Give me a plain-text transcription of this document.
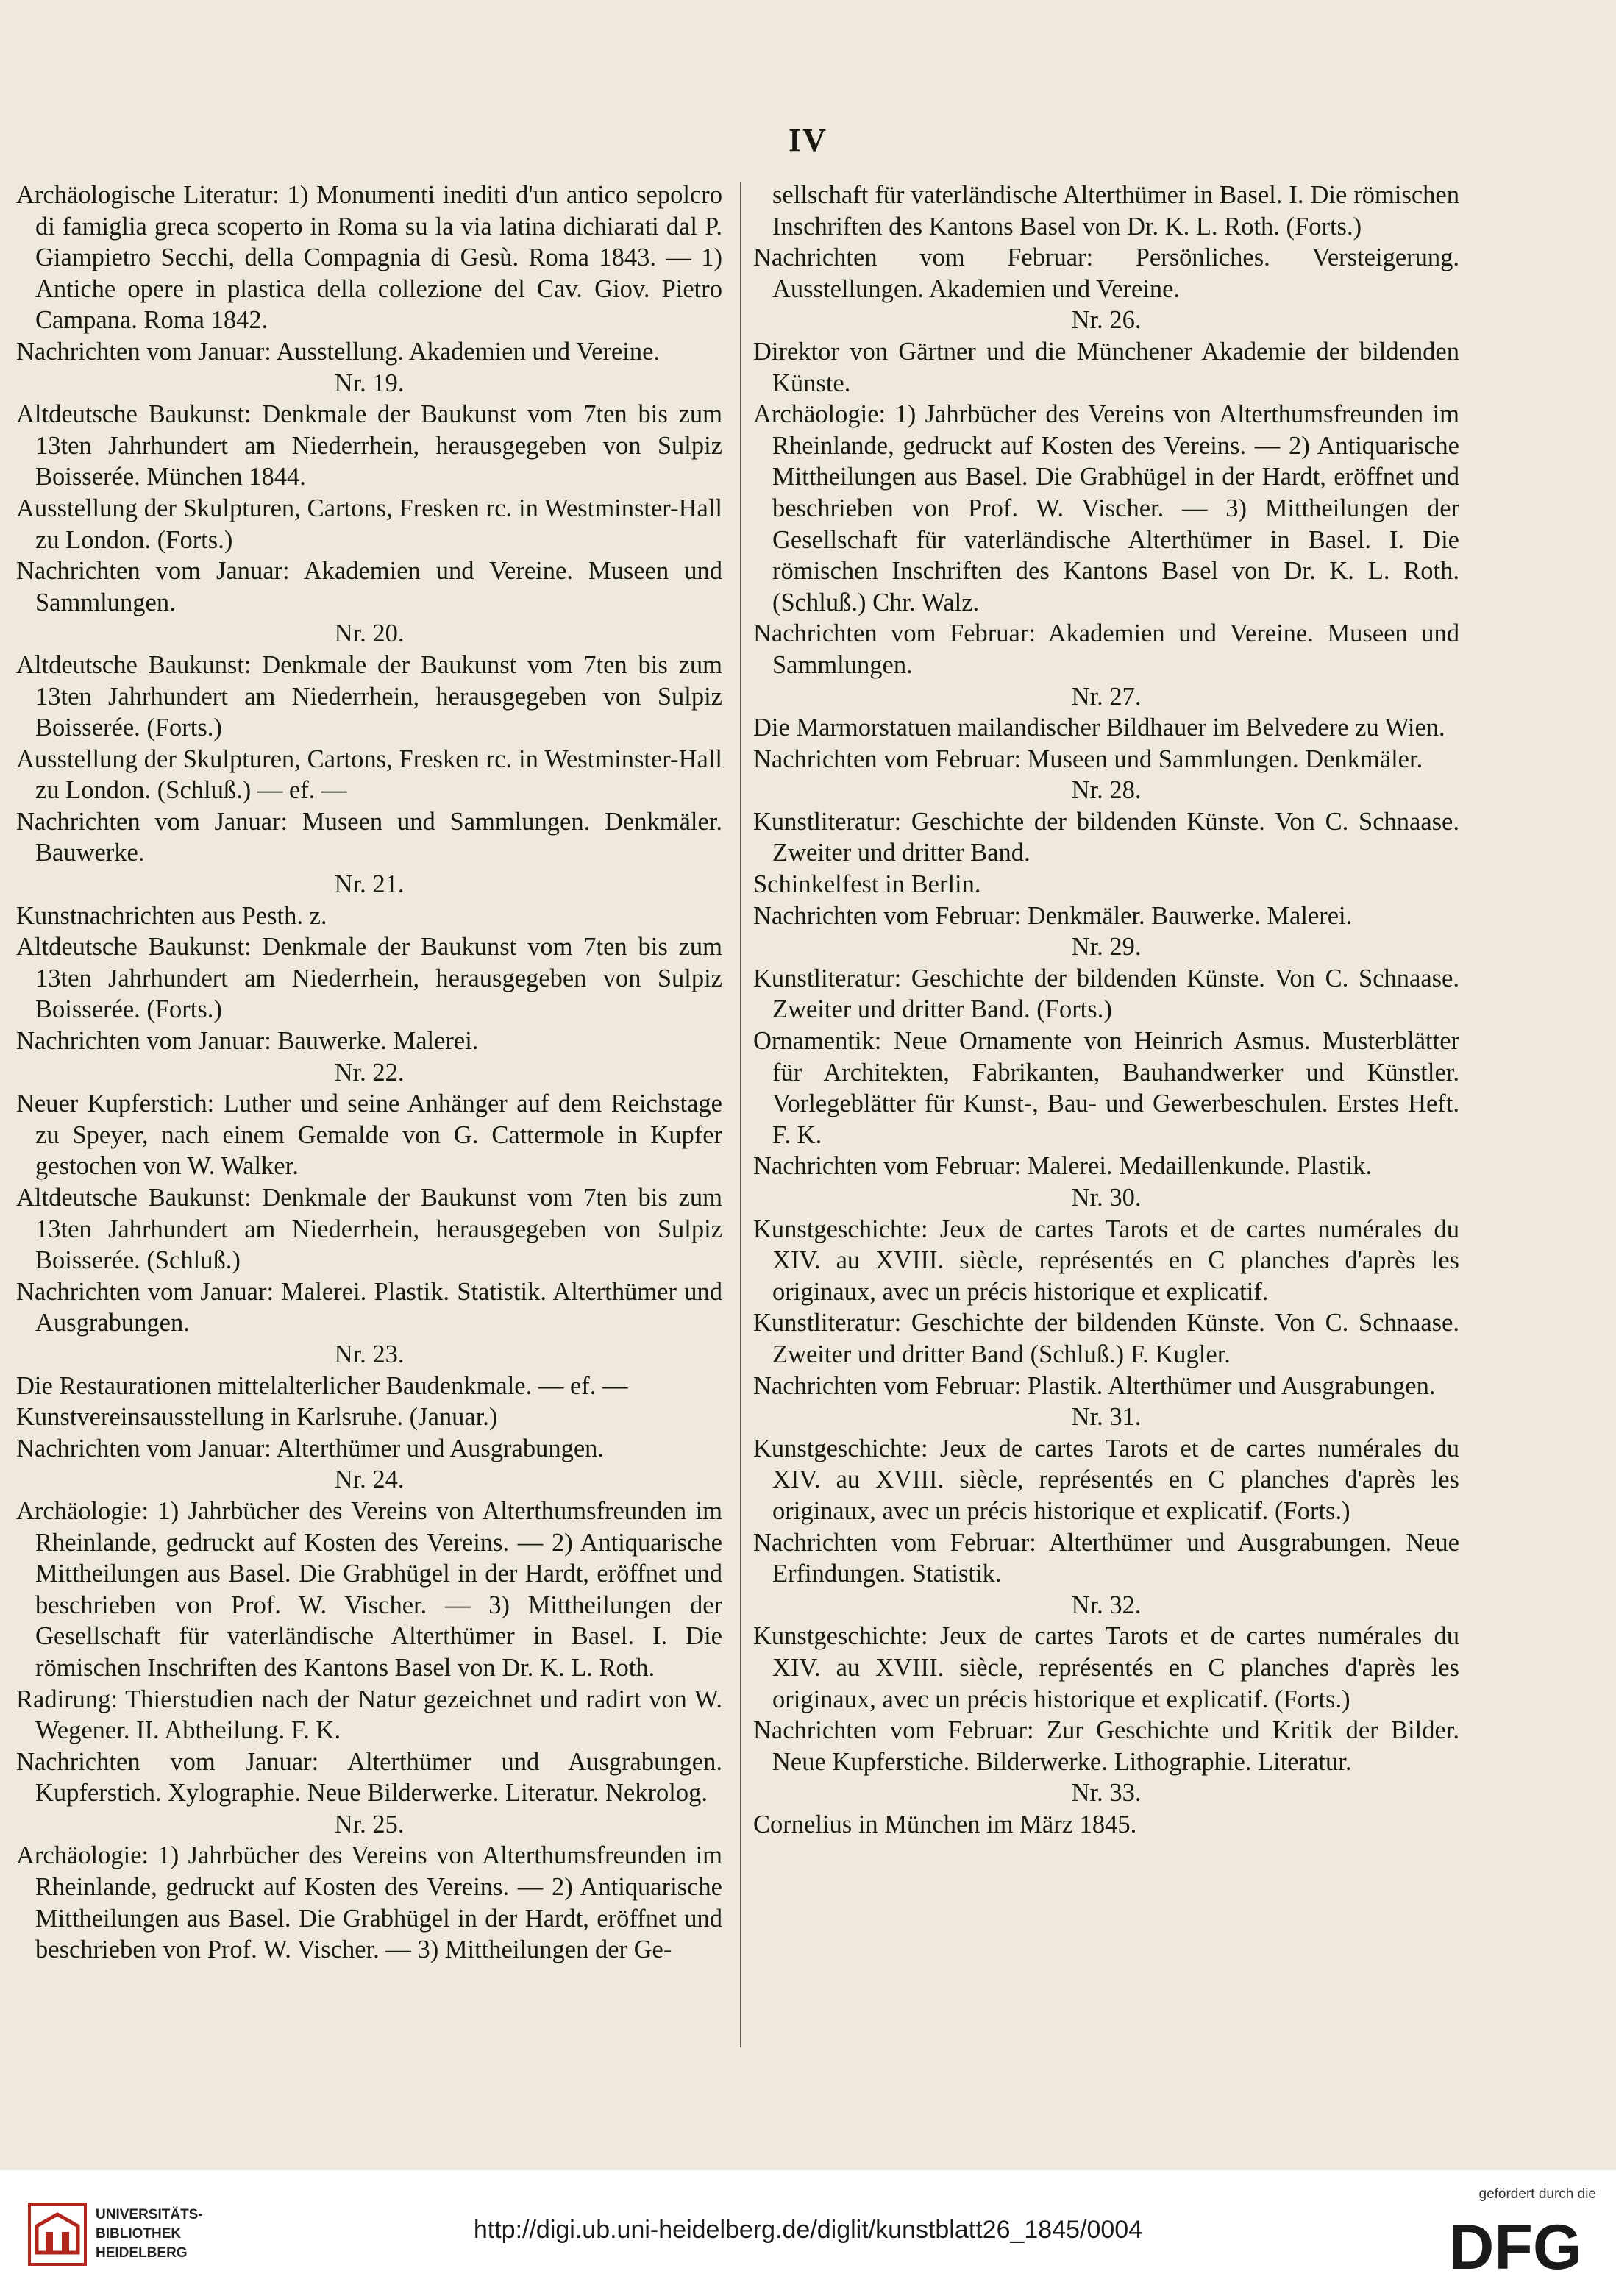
IV

Archäologische Literatur: 1) Monumenti inediti d'un antico sepolcro di famiglia greca scoperto in Roma su la via latina dichiarati dal P. Giampietro Secchi, della Compagnia di Gesù. Roma 1843. — 1) Antiche opere in plastica della collezione del Cav. Giov. Pietro Campana. Roma 1842.

Nachrichten vom Januar: Ausstellung. Akademien und Vereine.

Nr. 19.

Altdeutsche Baukunst: Denkmale der Baukunst vom 7ten bis zum 13ten Jahrhundert am Niederrhein, herausgegeben von Sulpiz Boisserée. München 1844.

Ausstellung der Skulpturen, Cartons, Fresken rc. in Westminster-Hall zu London. (Forts.)

Nachrichten vom Januar: Akademien und Vereine. Museen und Sammlungen.

Nr. 20.

Altdeutsche Baukunst: Denkmale der Baukunst vom 7ten bis zum 13ten Jahrhundert am Niederrhein, herausgegeben von Sulpiz Boisserée. (Forts.)

Ausstellung der Skulpturen, Cartons, Fresken rc. in Westminster-Hall zu London. (Schluß.) — ef. —

Nachrichten vom Januar: Museen und Sammlungen. Denkmäler. Bauwerke.

Nr. 21.

Kunstnachrichten aus Pesth. z.

Altdeutsche Baukunst: Denkmale der Baukunst vom 7ten bis zum 13ten Jahrhundert am Niederrhein, herausgegeben von Sulpiz Boisserée. (Forts.)

Nachrichten vom Januar: Bauwerke. Malerei.

Nr. 22.

Neuer Kupferstich: Luther und seine Anhänger auf dem Reichstage zu Speyer, nach einem Gemalde von G. Cattermole in Kupfer gestochen von W. Walker.

Altdeutsche Baukunst: Denkmale der Baukunst vom 7ten bis zum 13ten Jahrhundert am Niederrhein, herausgegeben von Sulpiz Boisserée. (Schluß.)

Nachrichten vom Januar: Malerei. Plastik. Statistik. Alterthümer und Ausgrabungen.

Nr. 23.

Die Restaurationen mittelalterlicher Baudenkmale. — ef. —

Kunstvereinsausstellung in Karlsruhe. (Januar.)

Nachrichten vom Januar: Alterthümer und Ausgrabungen.

Nr. 24.

Archäologie: 1) Jahrbücher des Vereins von Alterthumsfreunden im Rheinlande, gedruckt auf Kosten des Vereins. — 2) Antiquarische Mittheilungen aus Basel. Die Grabhügel in der Hardt, eröffnet und beschrieben von Prof. W. Vischer. — 3) Mittheilungen der Gesellschaft für vaterländische Alterthümer in Basel. I. Die römischen Inschriften des Kantons Basel von Dr. K. L. Roth.

Radirung: Thierstudien nach der Natur gezeichnet und radirt von W. Wegener. II. Abtheilung. F. K.

Nachrichten vom Januar: Alterthümer und Ausgrabungen. Kupferstich. Xylographie. Neue Bilderwerke. Literatur. Nekrolog.

Nr. 25.

Archäologie: 1) Jahrbücher des Vereins von Alterthumsfreunden im Rheinlande, gedruckt auf Kosten des Vereins. — 2) Antiquarische Mittheilungen aus Basel. Die Grabhügel in der Hardt, eröffnet und beschrieben von Prof. W. Vischer. — 3) Mittheilungen der Ge-

sellschaft für vaterländische Alterthümer in Basel. I. Die römischen Inschriften des Kantons Basel von Dr. K. L. Roth. (Forts.)

Nachrichten vom Februar: Persönliches. Versteigerung. Ausstellungen. Akademien und Vereine.

Nr. 26.

Direktor von Gärtner und die Münchener Akademie der bildenden Künste.

Archäologie: 1) Jahrbücher des Vereins von Alterthumsfreunden im Rheinlande, gedruckt auf Kosten des Vereins. — 2) Antiquarische Mittheilungen aus Basel. Die Grabhügel in der Hardt, eröffnet und beschrieben von Prof. W. Vischer. — 3) Mittheilungen der Gesellschaft für vaterländische Alterthümer in Basel. I. Die römischen Inschriften des Kantons Basel von Dr. K. L. Roth. (Schluß.) Chr. Walz.

Nachrichten vom Februar: Akademien und Vereine. Museen und Sammlungen.

Nr. 27.

Die Marmorstatuen mailandischer Bildhauer im Belvedere zu Wien.

Nachrichten vom Februar: Museen und Sammlungen. Denkmäler.

Nr. 28.

Kunstliteratur: Geschichte der bildenden Künste. Von C. Schnaase. Zweiter und dritter Band.

Schinkelfest in Berlin.

Nachrichten vom Februar: Denkmäler. Bauwerke. Malerei.

Nr. 29.

Kunstliteratur: Geschichte der bildenden Künste. Von C. Schnaase. Zweiter und dritter Band. (Forts.)

Ornamentik: Neue Ornamente von Heinrich Asmus. Musterblätter für Architekten, Fabrikanten, Bauhandwerker und Künstler. Vorlegeblätter für Kunst-, Bau- und Gewerbeschulen. Erstes Heft. F. K.

Nachrichten vom Februar: Malerei. Medaillenkunde. Plastik.

Nr. 30.

Kunstgeschichte: Jeux de cartes Tarots et de cartes numérales du XIV. au XVIII. siècle, représentés en C planches d'après les originaux, avec un précis historique et explicatif.

Kunstliteratur: Geschichte der bildenden Künste. Von C. Schnaase. Zweiter und dritter Band (Schluß.) F. Kugler.

Nachrichten vom Februar: Plastik. Alterthümer und Ausgrabungen.

Nr. 31.

Kunstgeschichte: Jeux de cartes Tarots et de cartes numérales du XIV. au XVIII. siècle, représentés en C planches d'après les originaux, avec un précis historique et explicatif. (Forts.)

Nachrichten vom Februar: Alterthümer und Ausgrabungen. Neue Erfindungen. Statistik.

Nr. 32.

Kunstgeschichte: Jeux de cartes Tarots et de cartes numérales du XIV. au XVIII. siècle, représentés en C planches d'après les originaux, avec un précis historique et explicatif. (Forts.)

Nachrichten vom Februar: Zur Geschichte und Kritik der Bilder. Neue Kupferstiche. Bilderwerke. Lithographie. Literatur.

Nr. 33.

Cornelius in München im März 1845.

UNIVERSITÄTS-
BIBLIOTHEK
HEIDELBERG
http://digi.ub.uni-heidelberg.de/diglit/kunstblatt26_1845/0004
gefördert durch die
DFG
